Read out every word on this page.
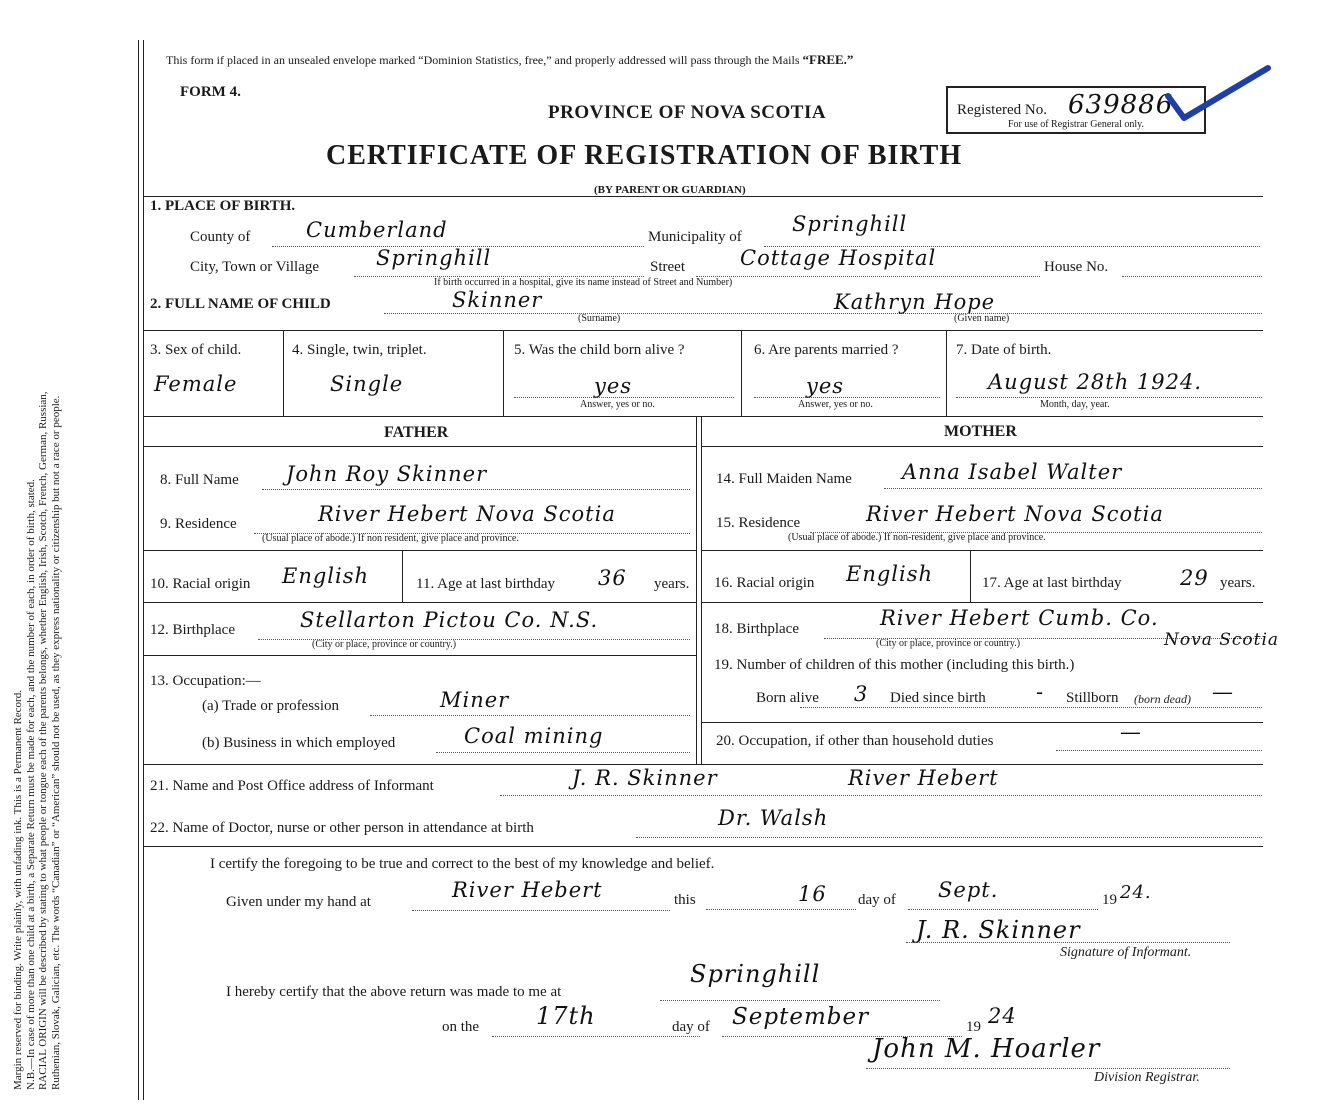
Margin reserved for binding. Write plainly, with unfading ink. This is a Permanent Record. N.B.—In case of more than one child at a birth, a Separate Return must be made for each, and the number of each, in order of birth, stated. RACIAL ORIGIN will be described by stating to what people or tongue each of the parents belongs, whether English, Irish, Scotch, French, German, Russian, Ruthenian, Slovak, Galician, etc. The words “Canadian” or “American” should not be used, as they express nationality or citizenship but not a race or people.
This form if placed in an unsealed envelope marked “Dominion Statistics, free,” and properly addressed will pass through the Mails “FREE.”
FORM 4.
PROVINCE OF NOVA SCOTIA
CERTIFICATE OF REGISTRATION OF BIRTH
(BY PARENT OR GUARDIAN)
Registered No. 639886
For use of Registrar General only.
1. PLACE OF BIRTH.
County of	Cumberland	Municipality of
Springhill
City, Town or Village	Springhill	Street	Cottage Hospital	House No.
If birth occurred in a hospital, give its name instead of Street and Number)
2. FULL NAME OF CHILD	Skinner
(Surname)
Kathryn Hope
(Given name)
3. Sex of child.
Female
4. Single, twin, triplet.
Single
5. Was the child born alive ?
yes
Answer, yes or no.
6. Are parents married ?
yes
Answer, yes or no.
7. Date of birth.
August 28th 1924.
Month, day, year.
FATHER	MOTHER
8. Full Name John Roy Skinner	14. Full Maiden Name Anna Isabel Walter
9. Residence	River Hebert Nova Scotia
(Usual place of abode.) If non resident, give place and province.
15. Residence	River Hebert Nova Scotia
(Usual place of abode.) If non-resident, give place and province.
10. Racial origin English	11. Age at last birthday 36 years. 16. Racial origin English	17. Age at last birthday	29 years.
12. Birthplace	Stellarton Pictou Co. N.S.
(City or place, province or country.)
18. Birthplace	River Hebert Cumb. Co.
Nova Scotia
(City or place, province or country.)
13. Occupation:—
(a) Trade or profession	Miner
(b) Business in which employed	Coal mining
19. Number of children of this mother (including this birth.)
Born alive 3 Died since birth - Stillborn (born dead) —
20. Occupation, if other than household duties	—
21. Name and Post Office address of Informant	J. R. Skinner	River Hebert
22. Name of Doctor, nurse or other person in attendance at birth	Dr. Walsh
I certify the foregoing to be true and correct to the best of my knowledge and belief.
Given under my hand at	River Hebert	this	16 day of Sept.	19 24.
J. R. Skinner
Signature of Informant.
I hereby certify that the above return was made to me at
Springhill
on the 17th	day of September	19 24
John M. Hoarler
Division Registrar.
